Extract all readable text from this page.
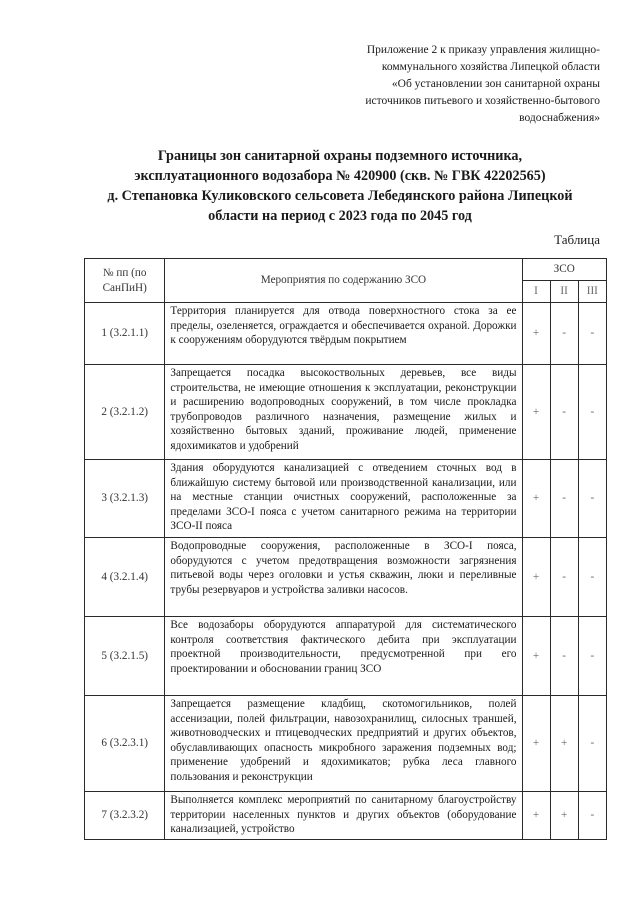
Приложение 2 к приказу управления жилищно-
коммунального хозяйства Липецкой области
«Об установлении зон санитарной охраны
источников питьевого и хозяйственно-бытового
водоснабжения»
Границы зон санитарной охраны подземного источника,
эксплуатационного водозабора № 420900 (скв. № ГВК 42202565)
д. Степановка Куликовского сельсовета Лебедянского района Липецкой
области на период с 2023 года по 2045 год
Таблица
№ пп (по СанПиН)	Мероприятия по содержанию ЗСО	ЗСО		
		I	II	III
1 (3.2.1.1)	Территория планируется для отвода поверхностного стока за ее пределы, озеленяется, ограждается и обеспечивается охраной. Дорожки к сооружениям оборудуются твёрдым покрытием	+	-	-
2 (3.2.1.2)	Запрещается посадка высокоствольных деревьев, все виды строительства, не имеющие отношения к эксплуатации, реконструкции и расширению водопроводных сооружений, в том числе прокладка трубопроводов различного назначения, размещение жилых и хозяйственно бытовых зданий, проживание людей, применение ядохимикатов и удобрений	+	-	-
3 (3.2.1.3)	Здания оборудуются канализацией с отведением сточных вод в ближайшую систему бытовой или производственной канализации, или на местные станции очистных сооружений, расположенные за пределами ЗСО-I пояса с учетом санитарного режима на территории ЗСО-II пояса	+	-	-
4 (3.2.1.4)	Водопроводные сооружения, расположенные в ЗСО-I пояса, оборудуются с учетом предотвращения возможности загрязнения питьевой воды через оголовки и устья скважин, люки и переливные трубы резервуаров и устройства заливки насосов.	+	-	-
5 (3.2.1.5)	Все водозаборы оборудуются аппаратурой для систематического контроля соответствия фактического дебита при эксплуатации проектной производительности, предусмотренной при его проектировании и обосновании границ ЗСО	+	-	-
6 (3.2.3.1)	Запрещается размещение кладбищ, скотомогильников, полей ассенизации, полей фильтрации, навозохранилищ, силосных траншей, животноводческих и птицеводческих предприятий и других объектов, обуславливающих опасность микробного заражения подземных вод; применение удобрений и ядохимикатов; рубка леса главного пользования и реконструкции	+	+	-
7 (3.2.3.2)	Выполняется комплекс мероприятий по санитарному благоустройству территории населенных пунктов и других объектов (оборудование канализацией, устройство	+	+	-
